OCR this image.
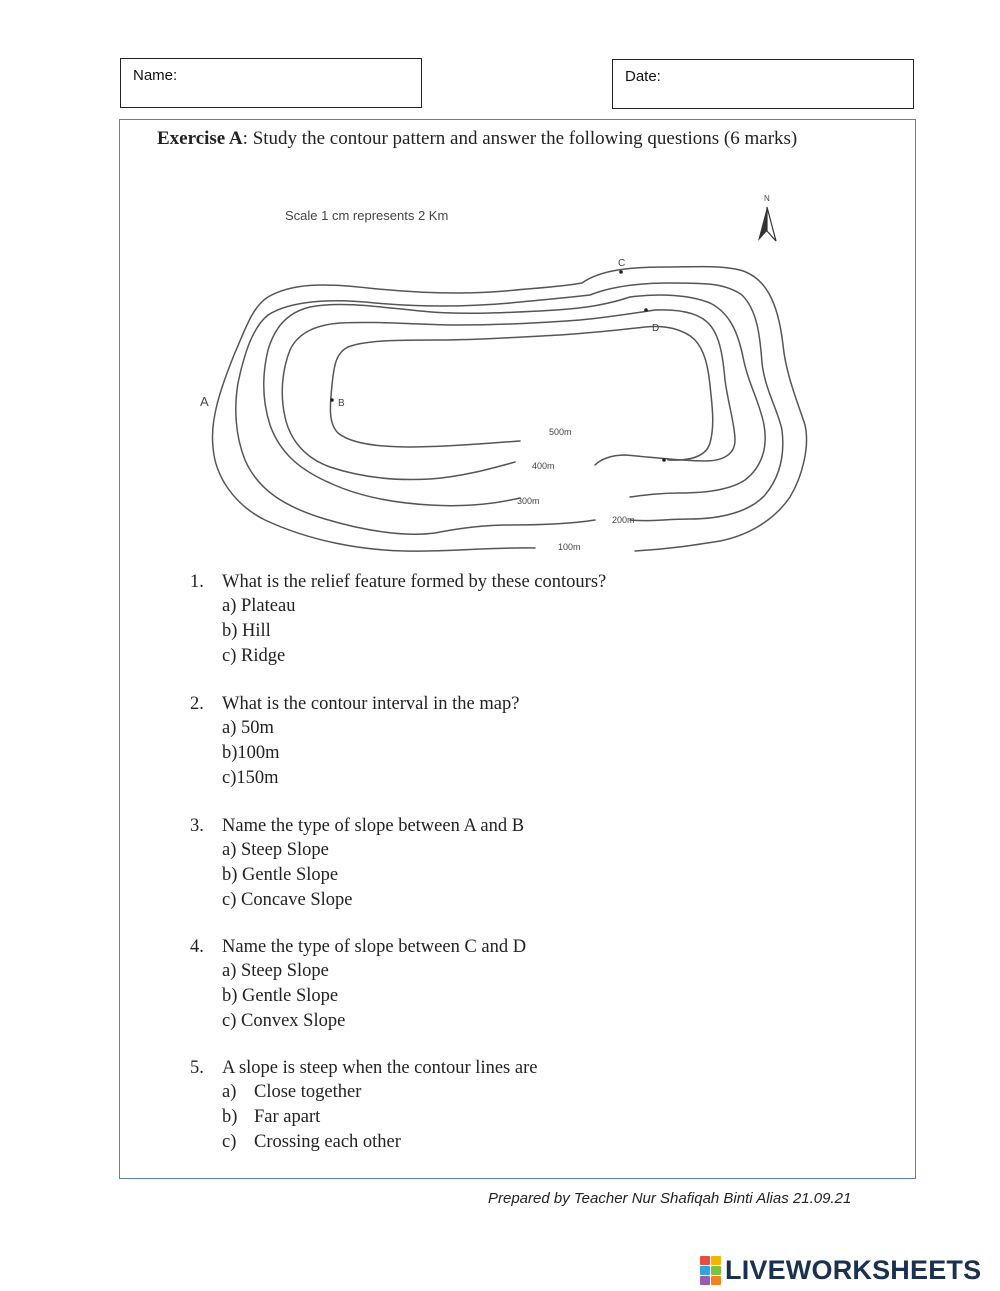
Name:	Date:
Exercise A: Study the contour pattern and answer the following questions (6 marks)
Scale 1 cm represents 2 Km
N
A	B
C
D
500m
400m
300m
200m
100m
1. What is the relief feature formed by these contours?
a) Plateau
b) Hill
c) Ridge
2. What is the contour interval in the map?
a) 50m
b)100m
c)150m
3. Name the type of slope between A and B
a) Steep Slope
b) Gentle Slope
c) Concave Slope
4. Name the type of slope between C and D
a) Steep Slope
b) Gentle Slope
c) Convex Slope
5. A slope is steep when the contour lines are
a) Close together
b) Far apart
c) Crossing each other
Prepared by Teacher Nur Shafiqah Binti Alias 21.09.21
LIVEWORKSHEETS
